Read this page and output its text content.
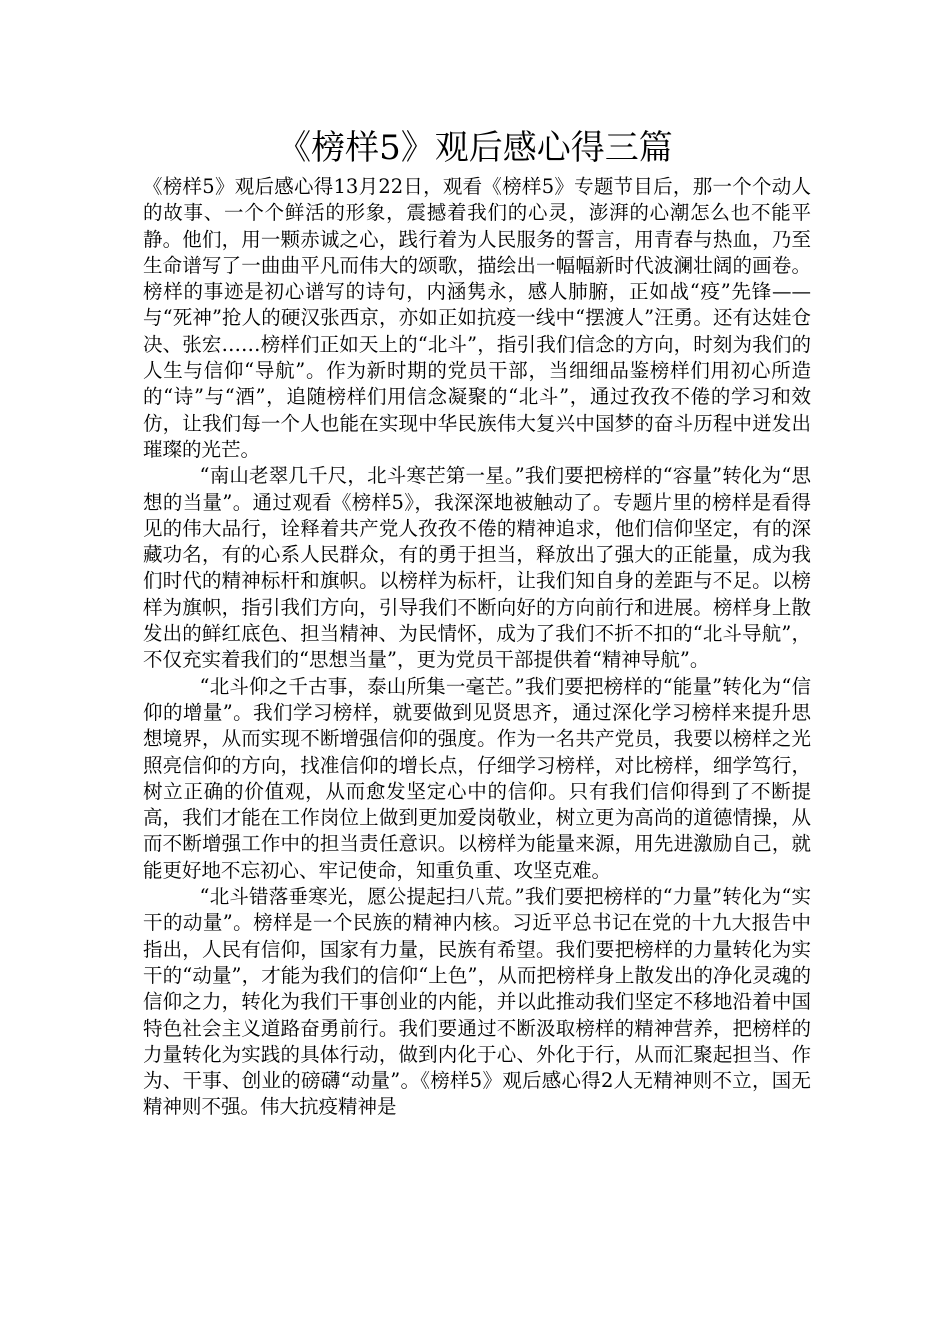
《榜样5》观后感心得三篇

《榜样5》观后感心得13月22日，观看《榜样5》专题节目后，那一个个动人的故事、一个个鲜活的形象，震撼着我们的心灵，澎湃的心潮怎么也不能平静。他们，用一颗赤诚之心，践行着为人民服务的誓言，用青春与热血，乃至生命谱写了一曲曲平凡而伟大的颂歌，描绘出一幅幅新时代波澜壮阔的画卷。榜样的事迹是初心谱写的诗句，内涵隽永，感人肺腑，正如战“疫”先锋——与“死神”抢人的硬汉张西京，亦如正如抗疫一线中“摆渡人”汪勇。还有达娃仓决、张宏……榜样们正如天上的“北斗”，指引我们信念的方向，时刻为我们的人生与信仰“导航”。作为新时期的党员干部，当细细品鉴榜样们用初心所造的“诗”与“酒”，追随榜样们用信念凝聚的“北斗”，通过孜孜不倦的学习和效仿，让我们每一个人也能在实现中华民族伟大复兴中国梦的奋斗历程中迸发出璀璨的光芒。

“南山老翠几千尺，北斗寒芒第一星。”我们要把榜样的“容量”转化为“思想的当量”。通过观看《榜样5》，我深深地被触动了。专题片里的榜样是看得见的伟大品行，诠释着共产党人孜孜不倦的精神追求，他们信仰坚定，有的深藏功名，有的心系人民群众，有的勇于担当，释放出了强大的正能量，成为我们时代的精神标杆和旗帜。以榜样为标杆，让我们知自身的差距与不足。以榜样为旗帜，指引我们方向，引导我们不断向好的方向前行和进展。榜样身上散发出的鲜红底色、担当精神、为民情怀，成为了我们不折不扣的“北斗导航”，不仅充实着我们的“思想当量”，更为党员干部提供着“精神导航”。

“北斗仰之千古事，泰山所集一毫芒。”我们要把榜样的“能量”转化为“信仰的增量”。我们学习榜样，就要做到见贤思齐，通过深化学习榜样来提升思想境界，从而实现不断增强信仰的强度。作为一名共产党员，我要以榜样之光照亮信仰的方向，找准信仰的增长点，仔细学习榜样，对比榜样，细学笃行，树立正确的价值观，从而愈发坚定心中的信仰。只有我们信仰得到了不断提高，我们才能在工作岗位上做到更加爱岗敬业，树立更为高尚的道德情操，从而不断增强工作中的担当责任意识。以榜样为能量来源，用先进激励自己，就能更好地不忘初心、牢记使命，知重负重、攻坚克难。

“北斗错落垂寒光，愿公提起扫八荒。”我们要把榜样的“力量”转化为“实干的动量”。榜样是一个民族的精神内核。习近平总书记在党的十九大报告中指出，人民有信仰，国家有力量，民族有希望。我们要把榜样的力量转化为实干的“动量”，才能为我们的信仰“上色”，从而把榜样身上散发出的净化灵魂的信仰之力，转化为我们干事创业的内能，并以此推动我们坚定不移地沿着中国特色社会主义道路奋勇前行。我们要通过不断汲取榜样的精神营养，把榜样的力量转化为实践的具体行动，做到内化于心、外化于行，从而汇聚起担当、作为、干事、创业的磅礴“动量”。《榜样5》观后感心得2人无精神则不立，国无精神则不强。伟大抗疫精神是
